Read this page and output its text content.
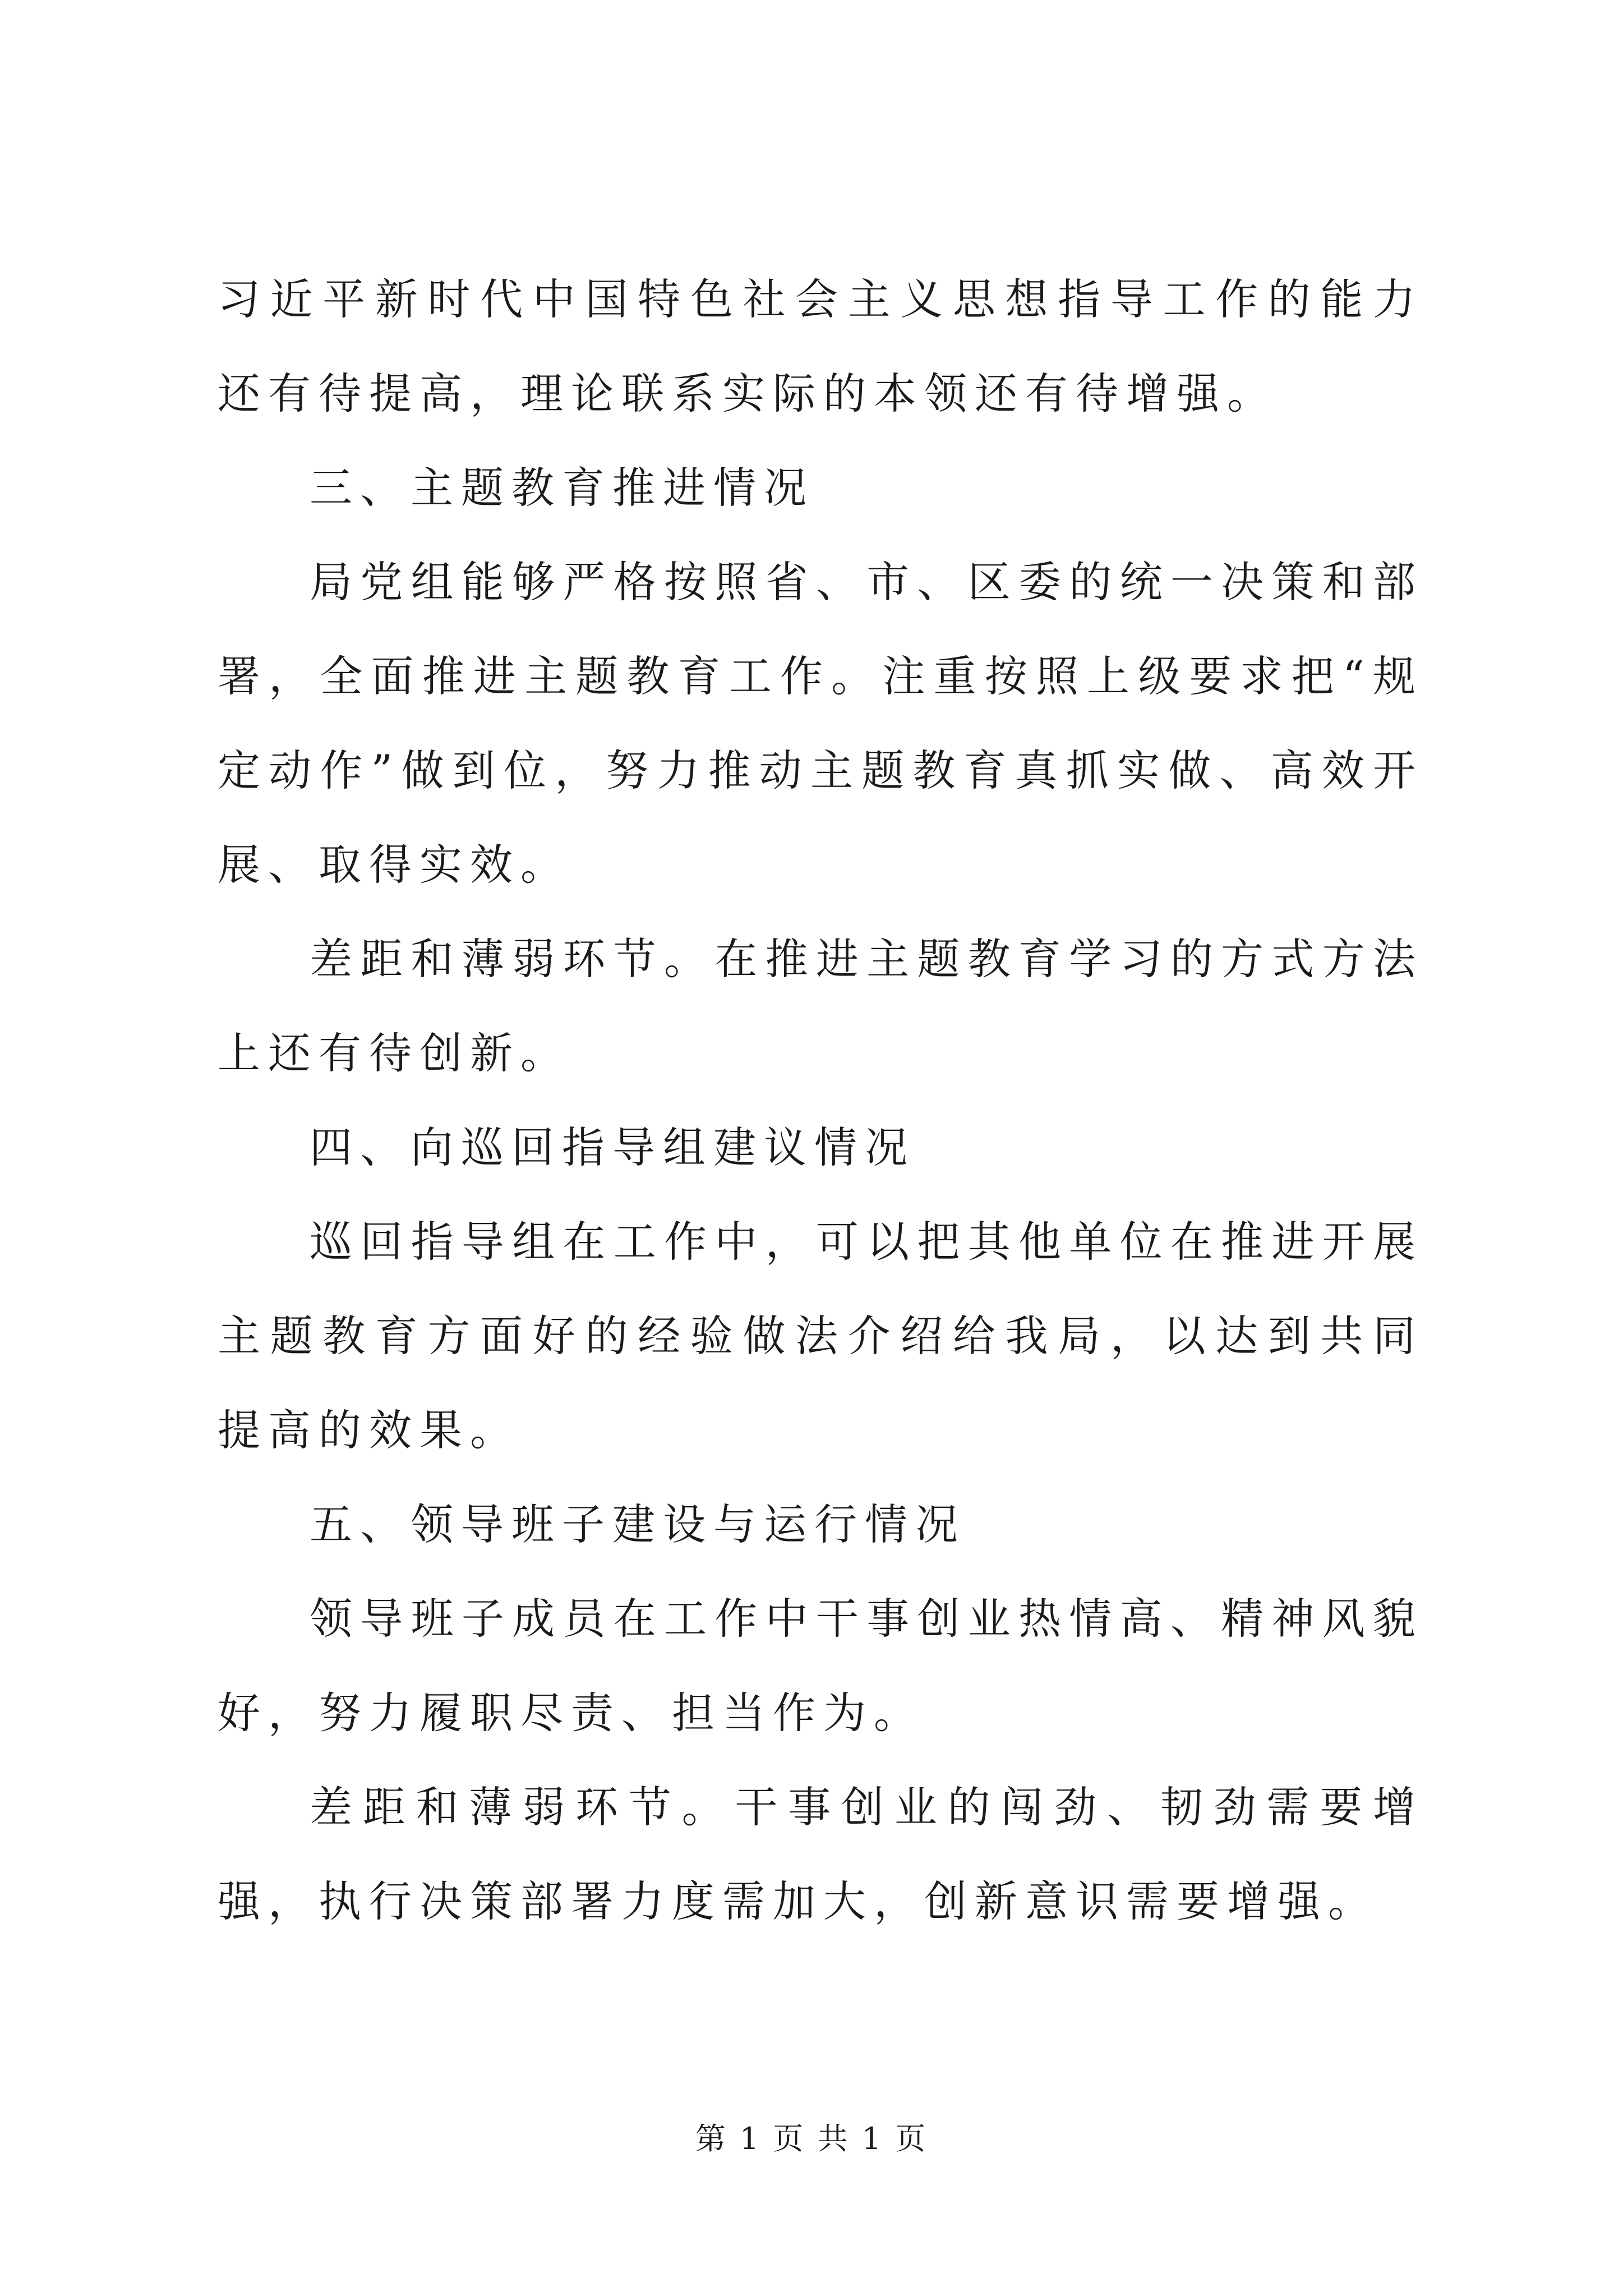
习近平新时代中国特色社会主义思想指导工作的能力还有待提高，理论联系实际的本领还有待增强。

三、主题教育推进情况

局党组能够严格按照省、市、区委的统一决策和部署，全面推进主题教育工作。注重按照上级要求把“规定动作”做到位，努力推动主题教育真抓实做、高效开展、取得实效。

差距和薄弱环节。在推进主题教育学习的方式方法上还有待创新。

四、向巡回指导组建议情况

巡回指导组在工作中，可以把其他单位在推进开展主题教育方面好的经验做法介绍给我局，以达到共同提高的效果。

五、领导班子建设与运行情况

领导班子成员在工作中干事创业热情高、精神风貌好，努力履职尽责、担当作为。

差距和薄弱环节。干事创业的闯劲、韧劲需要增强，执行决策部署力度需加大，创新意识需要增强。

第 1 页 共 1 页
